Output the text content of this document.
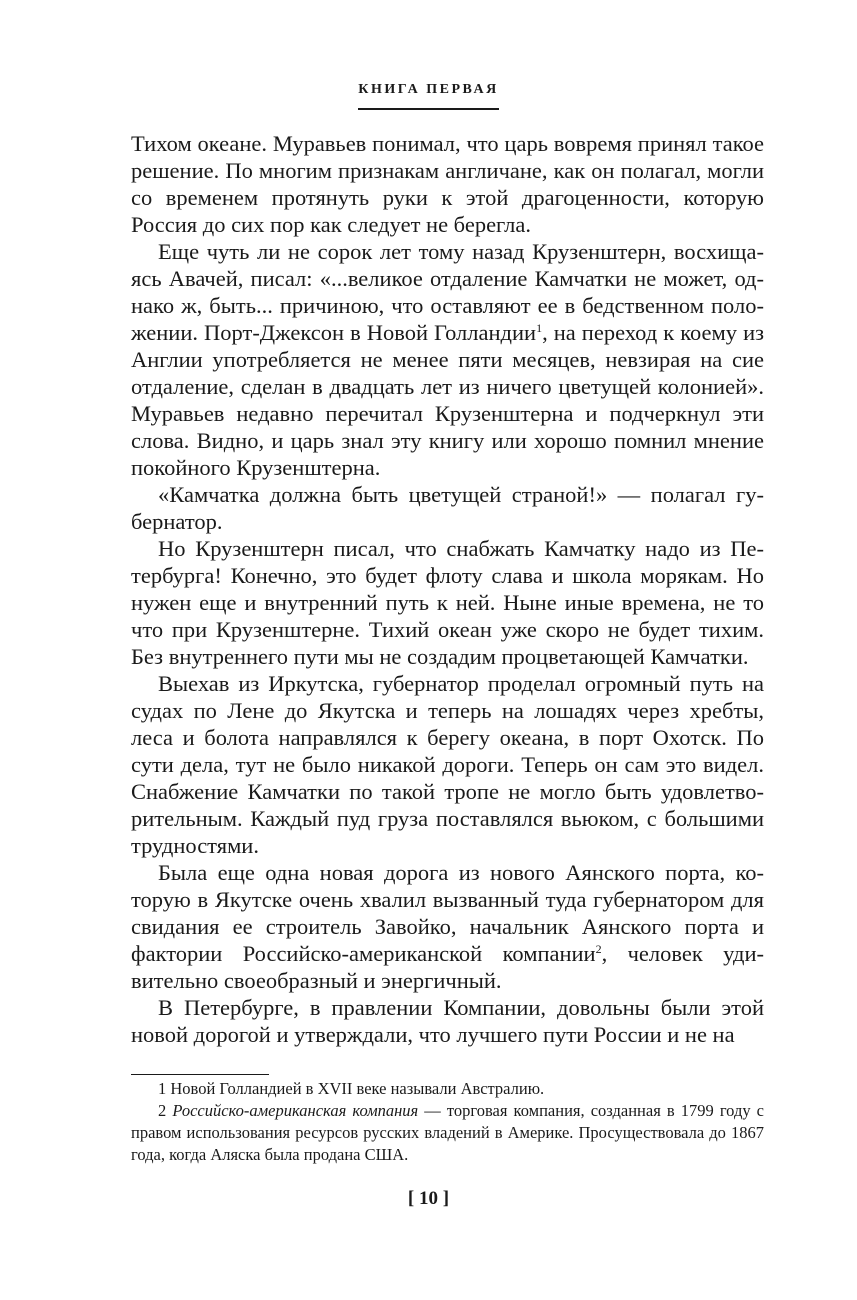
КНИГА ПЕРВАЯ

Тихом океане. Муравьев понимал, что царь вовремя принял такое решение. По многим признакам англичане, как он полагал, могли со временем протянуть руки к этой драгоценности, которую Россия до сих пор как следует не берегла.

Еще чуть ли не сорок лет тому назад Крузенштерн, восхищаясь Авачей, писал: «...великое отдаление Камчатки не может, однако ж, быть... причиною, что оставляют ее в бедственном положении. Порт-Джексон в Новой Голландии$^1$, на переход к коему из Англии употребляется не менее пяти месяцев, невзирая на сие отдаление, сделан в двадцать лет из ничего цветущей колонией». Муравьев недавно перечитал Крузенштерна и подчеркнул эти слова. Видно, и царь знал эту книгу или хорошо помнил мнение покойного Крузенштерна.

«Камчатка должна быть цветущей страной!» — полагал губернатор.

Но Крузенштерн писал, что снабжать Камчатку надо из Петербурга! Конечно, это будет флоту слава и школа морякам. Но нужен еще и внутренний путь к ней. Ныне иные времена, не то что при Крузенштерне. Тихий океан уже скоро не будет тихим. Без внутреннего пути мы не создадим процветающей Камчатки.

Выехав из Иркутска, губернатор проделал огромный путь на судах по Лене до Якутска и теперь на лошадях через хребты, леса и болота направлялся к берегу океана, в порт Охотск. По сути дела, тут не было никакой дороги. Теперь он сам это видел. Снабжение Камчатки по такой тропе не могло быть удовлетворительным. Каждый пуд груза поставлялся вьюком, с большими трудностями.

Была еще одна новая дорога из нового Аянского порта, которую в Якутске очень хвалил вызванный туда губернатором для свидания ее строитель Завойко, начальник Аянского порта и фактории Российско-американской компании$^2$, человек удивительно своеобразный и энергичный.

В Петербурге, в правлении Компании, довольны были этой новой дорогой и утверждали, что лучшего пути России и не на

1 Новой Голландией в XVII веке называли Австралию.

2 Российско-американская компания — торговая компания, созданная в 1799 году с правом использования ресурсов русских владений в Америке. Просуществовала до 1867 года, когда Аляска была продана США.

[ 10 ]
